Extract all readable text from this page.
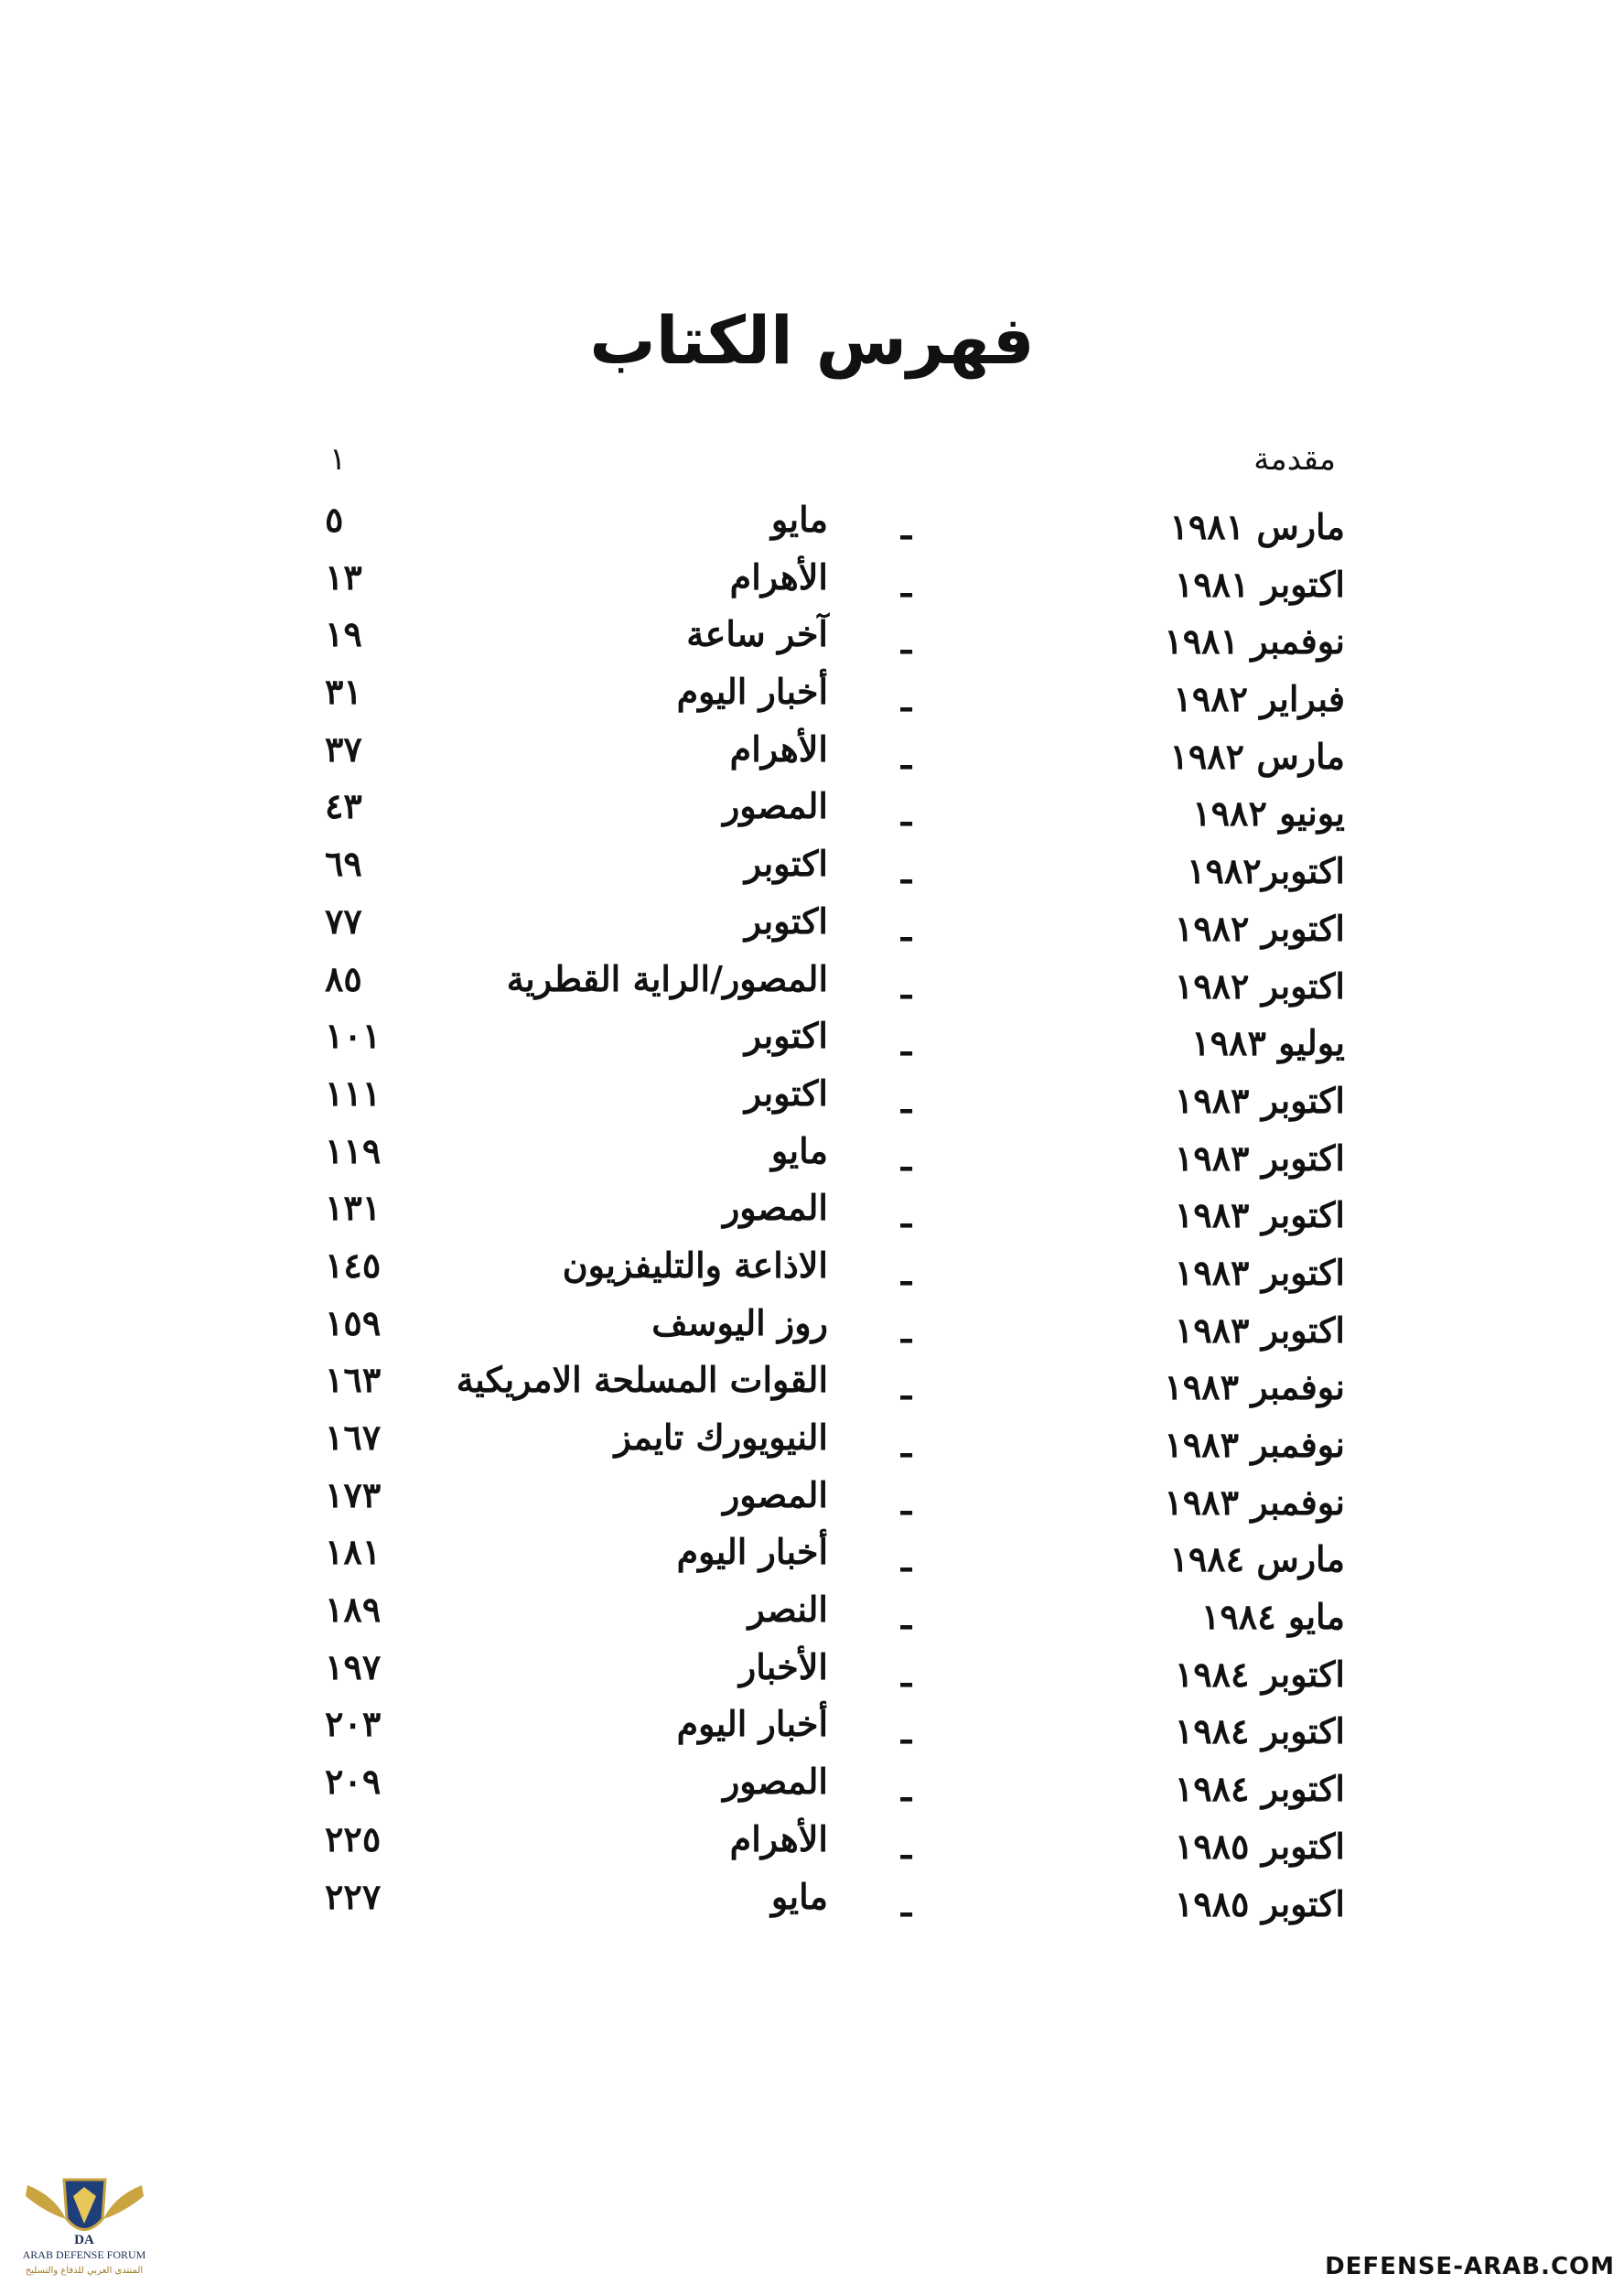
فهرس الكتاب
مقدمة
١
مارس ١٩٨١
ـ
مايو
٥
اكتوبر ١٩٨١
ـ
الأهرام
١٣
نوفمبر ١٩٨١
ـ
آخر ساعة
١٩
فبراير ١٩٨٢
ـ
أخبار اليوم
٣١
مارس ١٩٨٢
ـ
الأهرام
٣٧
يونيو ١٩٨٢
ـ
المصور
٤٣
اكتوبر١٩٨٢
ـ
اكتوبر
٦٩
اكتوبر ١٩٨٢
ـ
اكتوبر
٧٧
اكتوبر ١٩٨٢
ـ
المصور/الراية القطرية
٨٥
يوليو ١٩٨٣
ـ
اكتوبر
١٠١
اكتوبر ١٩٨٣
ـ
اكتوبر
١١١
اكتوبر ١٩٨٣
ـ
مايو
١١٩
اكتوبر ١٩٨٣
ـ
المصور
١٣١
اكتوبر ١٩٨٣
ـ
الاذاعة والتليفزيون
١٤٥
اكتوبر ١٩٨٣
ـ
روز اليوسف
١٥٩
نوفمبر ١٩٨٣
ـ
القوات المسلحة الامريكية
١٦٣
نوفمبر ١٩٨٣
ـ
النيويورك تايمز
١٦٧
نوفمبر ١٩٨٣
ـ
المصور
١٧٣
مارس ١٩٨٤
ـ
أخبار اليوم
١٨١
مايو ١٩٨٤
ـ
النصر
١٨٩
اكتوبر ١٩٨٤
ـ
الأخبار
١٩٧
اكتوبر ١٩٨٤
ـ
أخبار اليوم
٢٠٣
اكتوبر ١٩٨٤
ـ
المصور
٢٠٩
اكتوبر ١٩٨٥
ـ
الأهرام
٢٢٥
اكتوبر ١٩٨٥
ـ
مايو
٢٢٧
DA
ARAB DEFENSE FORUM
المنتدى العربي للدفاع والتسليح	DEFENSE-ARAB.COM
